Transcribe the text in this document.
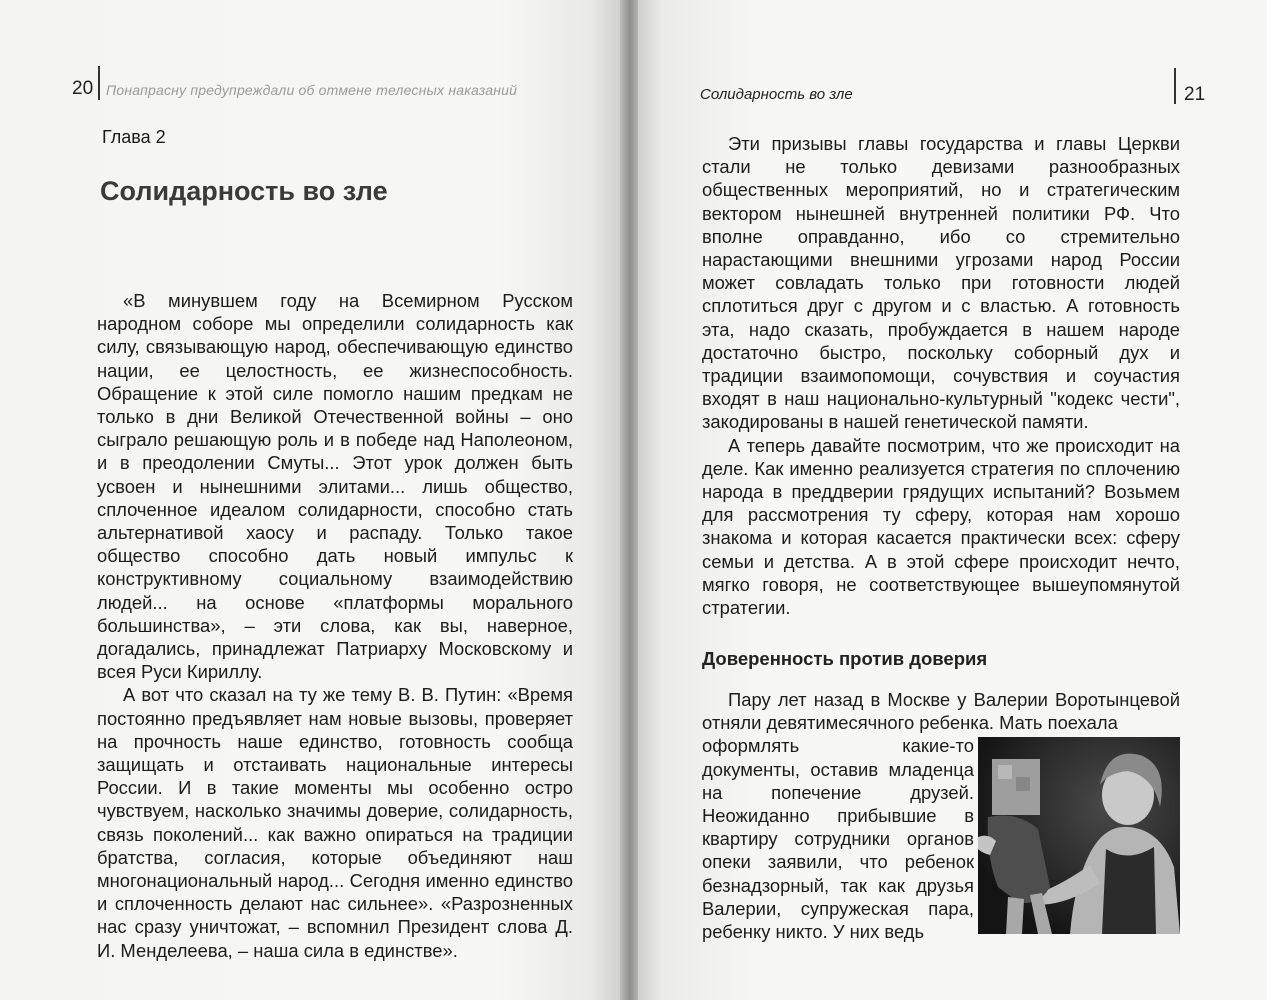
20 Понапрасну предупреждали об отмене телесных наказаний
Глава 2
Солидарность во зле

«В минувшем году на Всемирном Русском народном соборе мы определили солидарность как силу, связывающую народ, обеспечивающую единство нации, ее целостность, ее жизнеспособность. Обращение к этой силе помогло нашим предкам не только в дни Великой Отечественной войны – оно сыграло решающую роль и в победе над Наполеоном, и в преодолении Смуты... Этот урок должен быть усвоен и нынешними элитами... лишь общество, сплоченное идеалом солидарности, способно стать альтернативой хаосу и распаду. Только такое общество способно дать новый импульс к конструктивному социальному взаимодействию людей... на основе «платформы морального большинства», – эти слова, как вы, наверное, догадались, принадлежат Патриарху Московскому и всея Руси Кириллу.

А вот что сказал на ту же тему В. В. Путин: «Время постоянно предъявляет нам новые вызовы, проверяет на прочность наше единство, готовность сообща защищать и отстаивать национальные интересы России. И в такие моменты мы особенно остро чувствуем, насколько значимы доверие, солидарность, связь поколений... как важно опираться на традиции братства, согласия, которые объединяют наш многонациональный народ... Сегодня именно единство и сплоченность делают нас сильнее». «Разрозненных нас сразу уничтожат, – вспомнил Президент слова Д. И. Менделеева, – наша сила в единстве».

Солидарность во зле	21

Эти призывы главы государства и главы Церкви стали не только девизами разнообразных общественных мероприятий, но и стратегическим вектором нынешней внутренней политики РФ. Что вполне оправданно, ибо со стремительно нарастающими внешними угрозами народ России может совладать только при готовности людей сплотиться друг с другом и с властью. А готовность эта, надо сказать, пробуждается в нашем народе достаточно быстро, поскольку соборный дух и традиции взаимопомощи, сочувствия и соучастия входят в наш национально-культурный "кодекс чести", закодированы в нашей генетической памяти.

А теперь давайте посмотрим, что же происходит на деле. Как именно реализуется стратегия по сплочению народа в преддверии грядущих испытаний? Возьмем для рассмотрения ту сферу, которая нам хорошо знакома и которая касается практически всех: сферу семьи и детства. А в этой сфере происходит нечто, мягко говоря, не соответствующее вышеупомянутой стратегии.

Доверенность против доверия

Пару лет назад в Москве у Валерии Воротынцевой отняли девятимесячного ребенка. Мать поехала

оформлять какие-то документы, оставив младенца на попечение друзей. Неожиданно прибывшие в квартиру сотрудники органов опеки заявили, что ребенок безнадзорный, так как друзья Валерии, супружеская пара, ребенку никто. У них ведь
